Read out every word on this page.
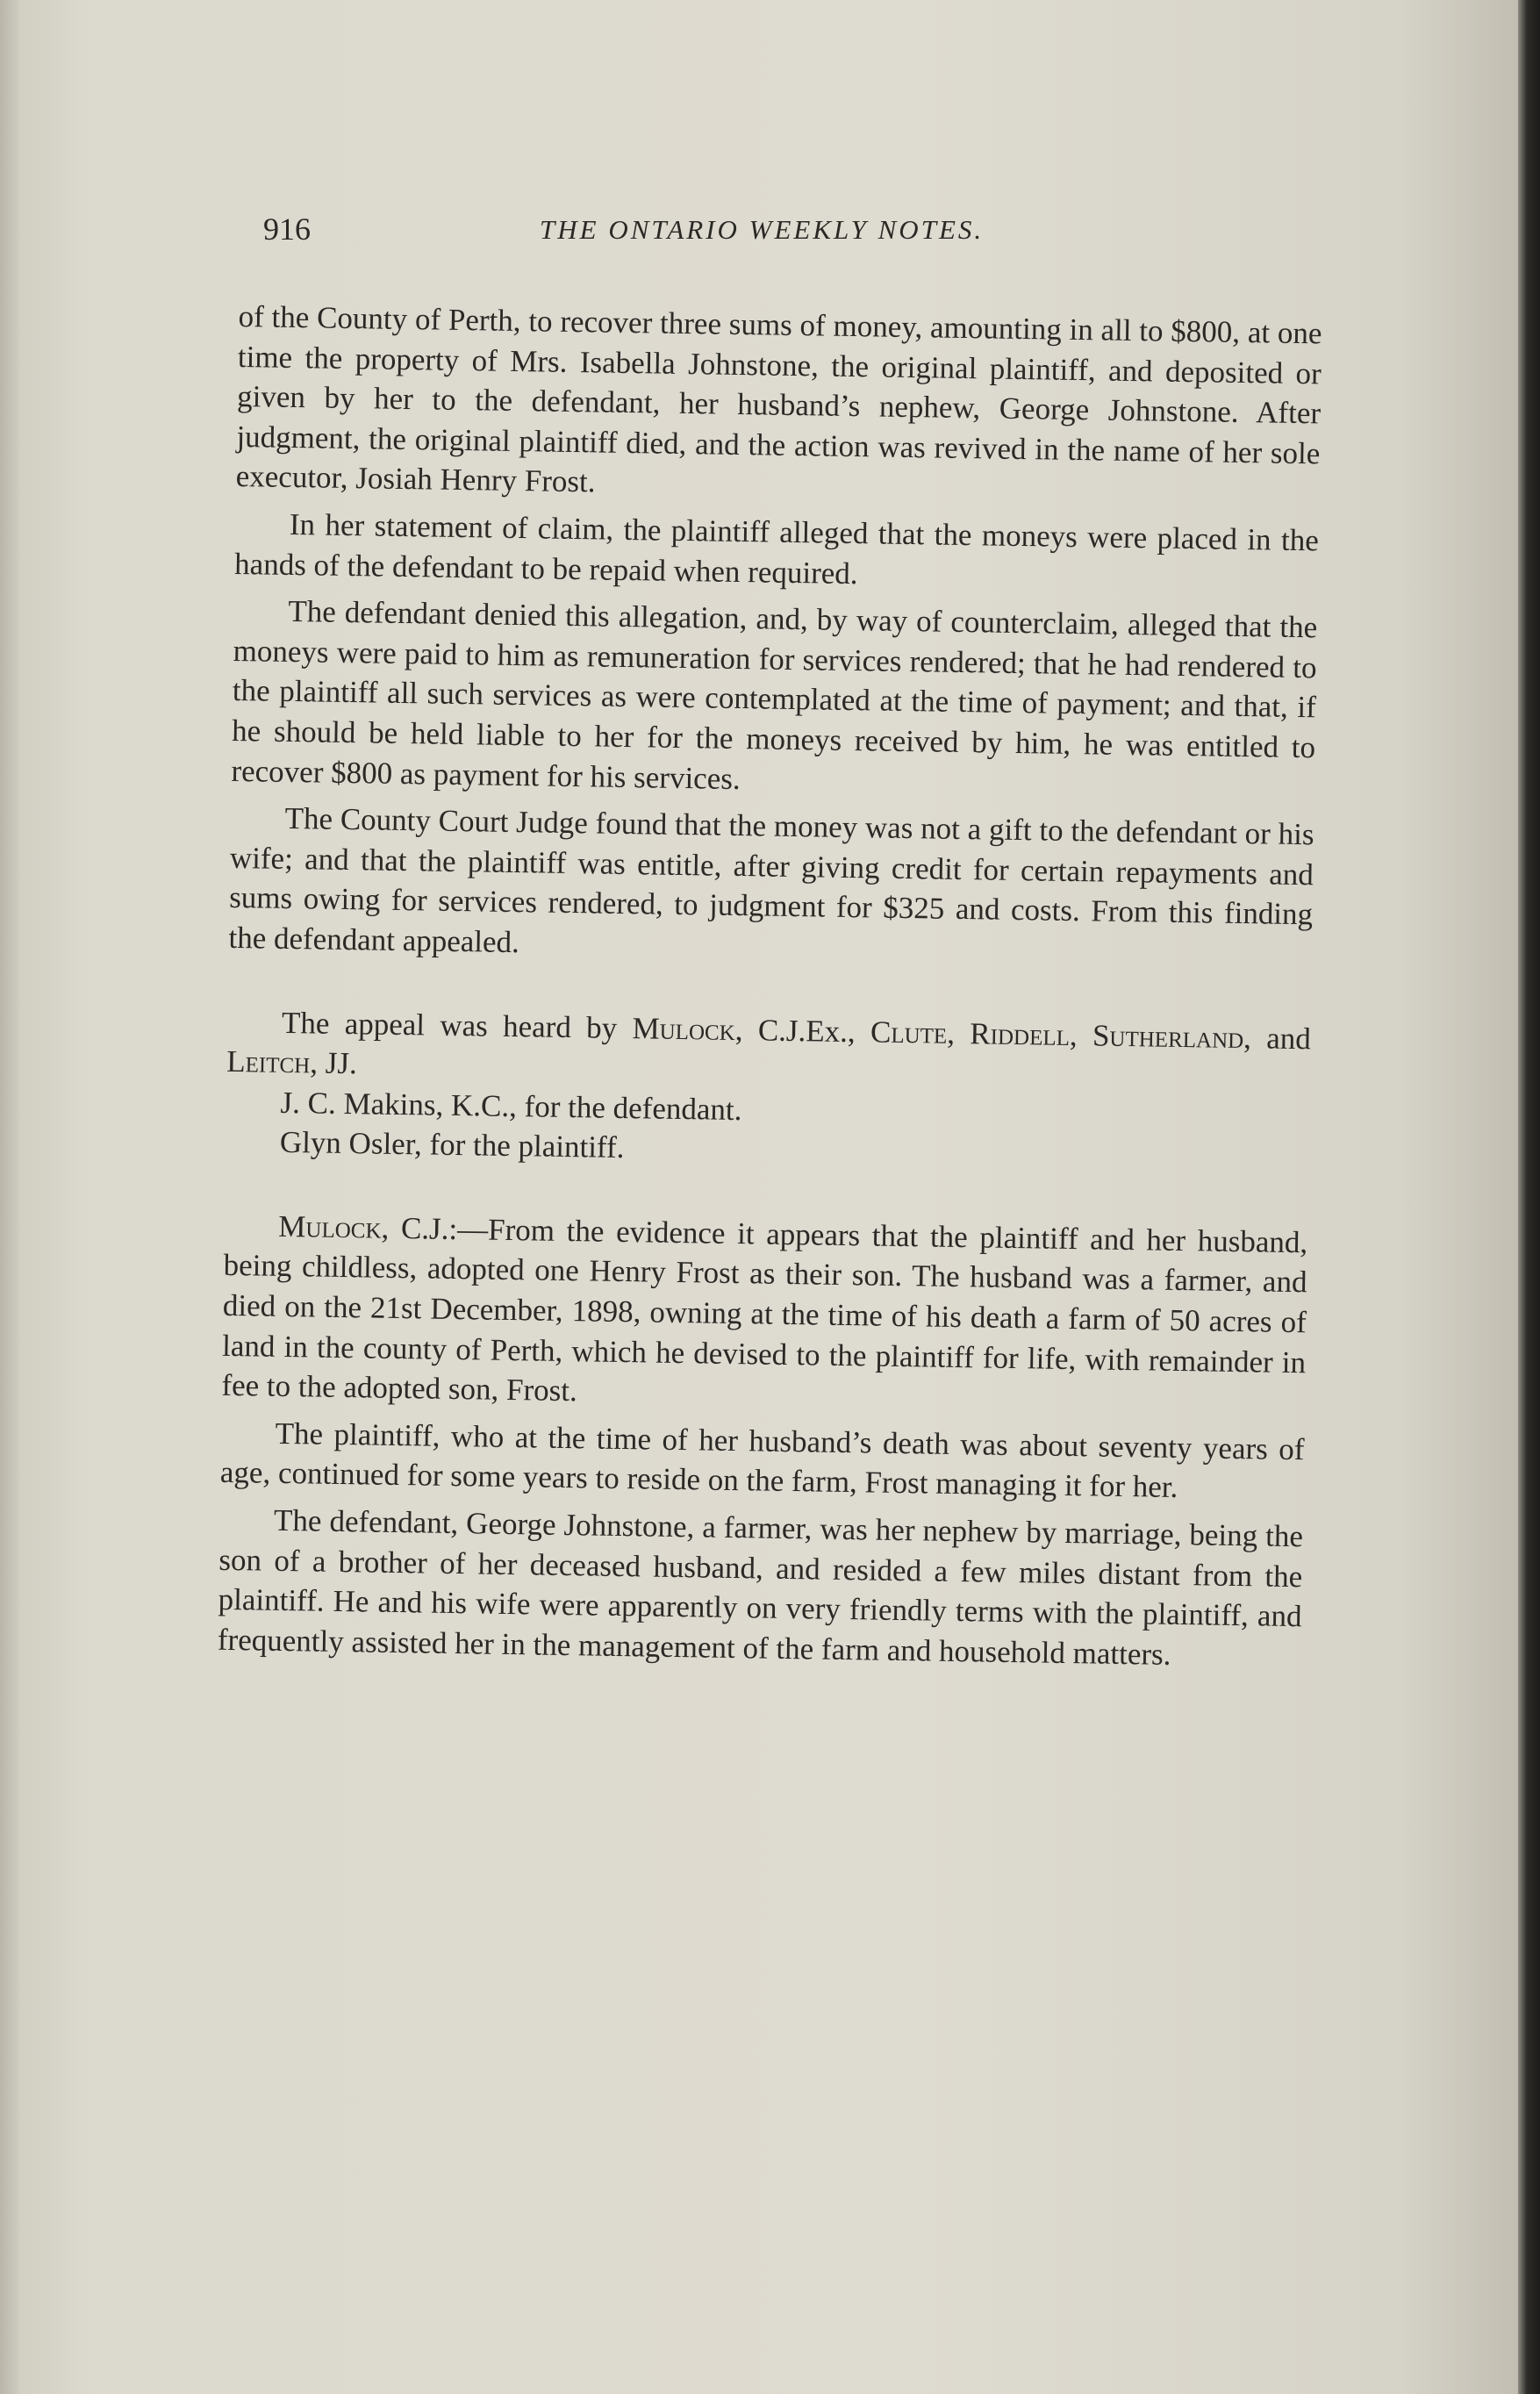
916	THE ONTARIO WEEKLY NOTES.

of the County of Perth, to recover three sums of money, amounting in all to $800, at one time the property of Mrs. Isabella Johnstone, the original plaintiff, and deposited or given by her to the defendant, her husband’s nephew, George Johnstone. After judgment, the original plaintiff died, and the action was revived in the name of her sole executor, Josiah Henry Frost.

In her statement of claim, the plaintiff alleged that the moneys were placed in the hands of the defendant to be repaid when required.

The defendant denied this allegation, and, by way of counterclaim, alleged that the moneys were paid to him as remuneration for services rendered; that he had rendered to the plaintiff all such services as were contemplated at the time of payment; and that, if he should be held liable to her for the moneys received by him, he was entitled to recover $800 as payment for his services.

The County Court Judge found that the money was not a gift to the defendant or his wife; and that the plaintiff was entitle, after giving credit for certain repayments and sums owing for services rendered, to judgment for $325 and costs. From this finding the defendant appealed.

The appeal was heard by Mulock, C.J.Ex., Clute, Riddell, Sutherland, and Leitch, JJ.

J. C. Makins, K.C., for the defendant.

Glyn Osler, for the plaintiff.

Mulock, C.J.:—From the evidence it appears that the plaintiff and her husband, being childless, adopted one Henry Frost as their son. The husband was a farmer, and died on the 21st December, 1898, owning at the time of his death a farm of 50 acres of land in the county of Perth, which he devised to the plaintiff for life, with remainder in fee to the adopted son, Frost.

The plaintiff, who at the time of her husband’s death was about seventy years of age, continued for some years to reside on the farm, Frost managing it for her.

The defendant, George Johnstone, a farmer, was her nephew by marriage, being the son of a brother of her deceased husband, and resided a few miles distant from the plaintiff. He and his wife were apparently on very friendly terms with the plaintiff, and frequently assisted her in the management of the farm and household matters.
